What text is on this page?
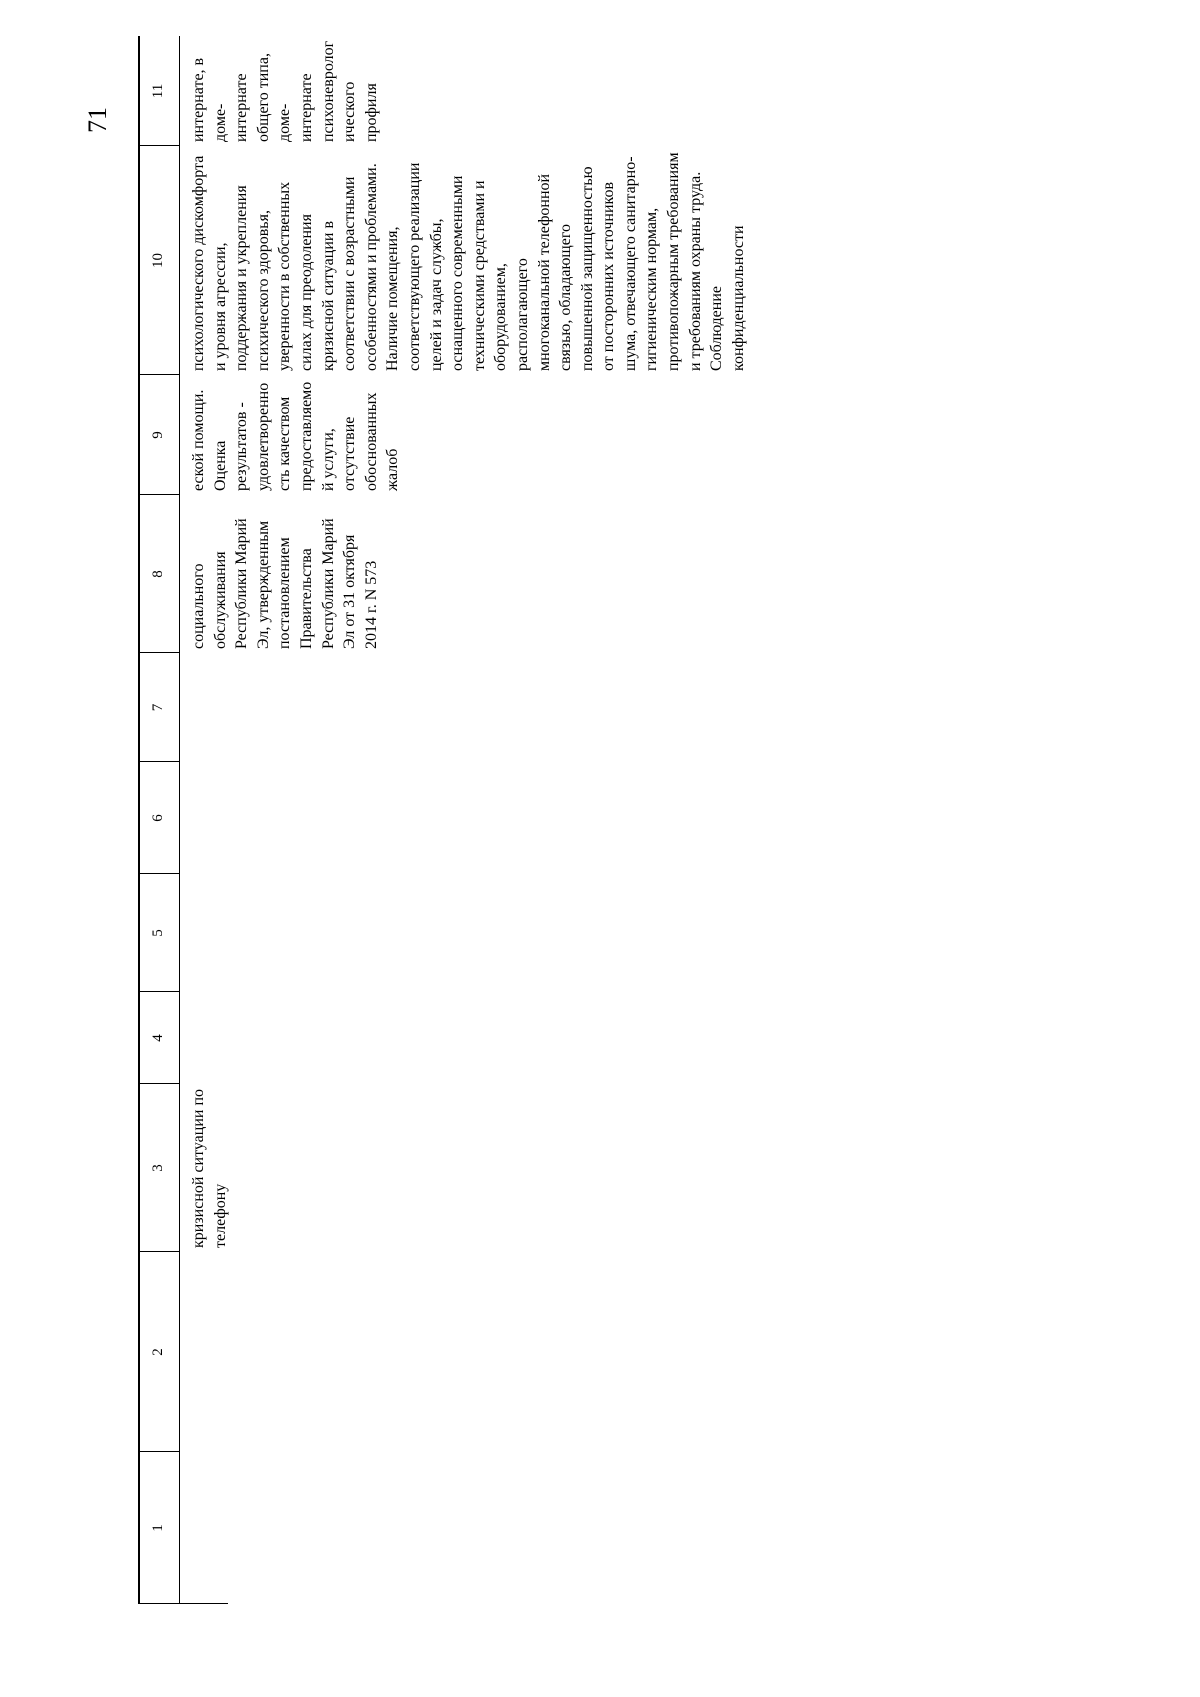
71
1
2
3
4
5
6
7
8
9
10
11
кризисной ситуации по телефону
социального обслуживания Республики Марий Эл, утвержденным постановлением Правительства Республики Марий Эл от 31 октября 2014 г. N 573
еской помощи. Оценка результатов - удовлетворенность качеством предоставляемой услуги, отсутствие обоснованных жалоб
психологического дискомфорта и уровня агрессии, поддержания и укрепления психического здоровья, уверенности в собственных силах для преодоления кризисной ситуации в соответствии с возрастными особенностями и проблемами. Наличие помещения, соответствующего реализации целей и задач службы, оснащенного современными техническими средствами и оборудованием, располагающего многоканальной телефонной связью, обладающего повышенной защищенностью от посторонних источников шума, отвечающего санитарно-гигиеническим нормам, противопожарным требованиям и требованиям охраны труда. Соблюдение конфиденциальности
интернате, в доме-интернате общего типа, доме-интернате психоневрологического профиля
